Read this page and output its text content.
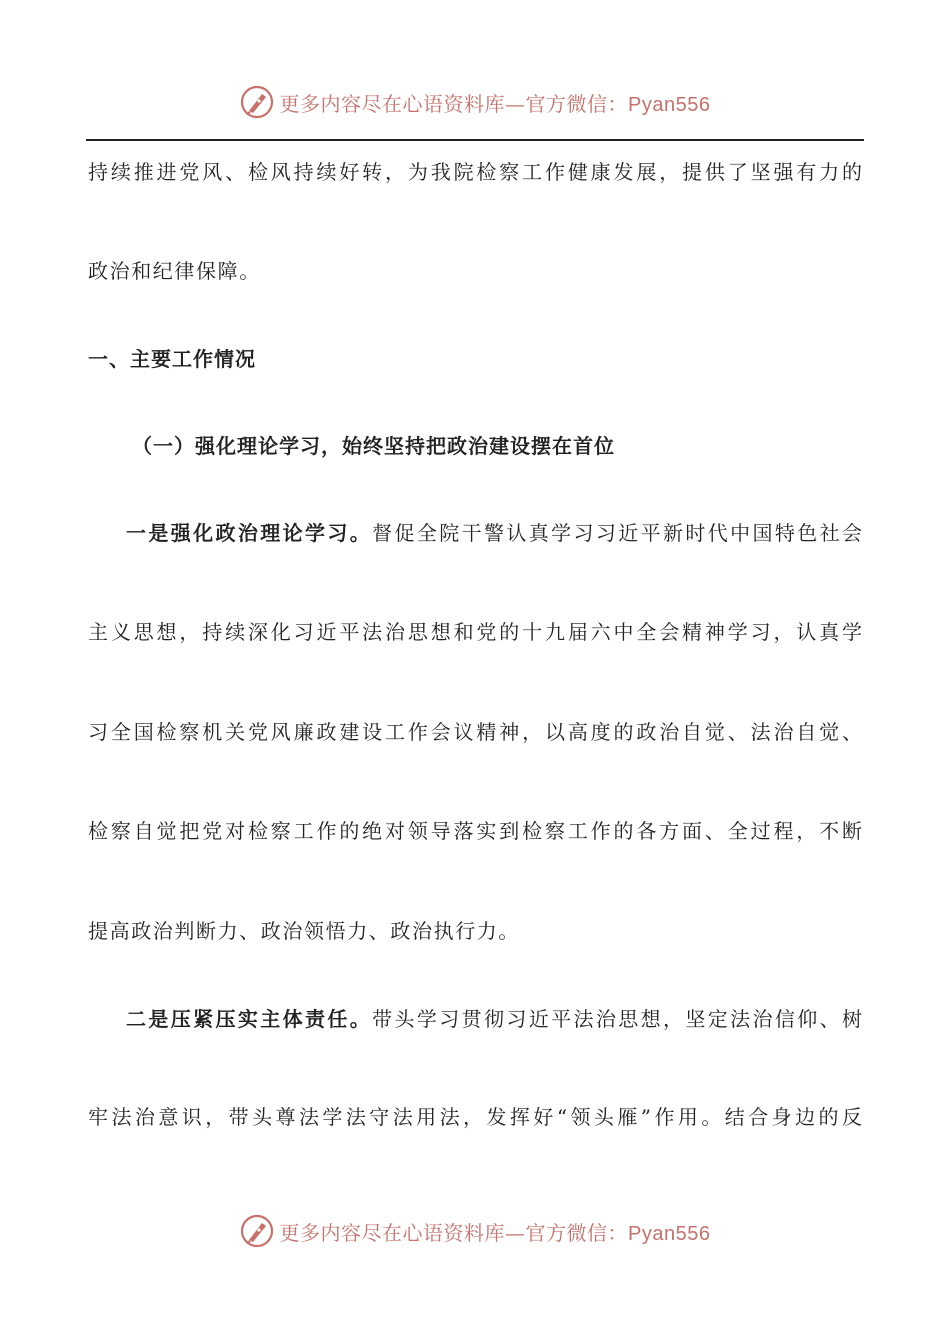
更多内容尽在心语资料库—官方微信：Pyan556
持续推进党风、检风持续好转，为我院检察工作健康发展，提供了坚强有力的
政治和纪律保障。
一、主要工作情况
（一）强化理论学习，始终坚持把政治建设摆在首位
一是强化政治理论学习。督促全院干警认真学习习近平新时代中国特色社会
主义思想，持续深化习近平法治思想和党的十九届六中全会精神学习，认真学
习全国检察机关党风廉政建设工作会议精神，以高度的政治自觉、法治自觉、
检察自觉把党对检察工作的绝对领导落实到检察工作的各方面、全过程，不断
提高政治判断力、政治领悟力、政治执行力。
二是压紧压实主体责任。带头学习贯彻习近平法治思想，坚定法治信仰、树
牢法治意识，带头尊法学法守法用法，发挥好“领头雁”作用。结合身边的反
更多内容尽在心语资料库—官方微信：Pyan556
